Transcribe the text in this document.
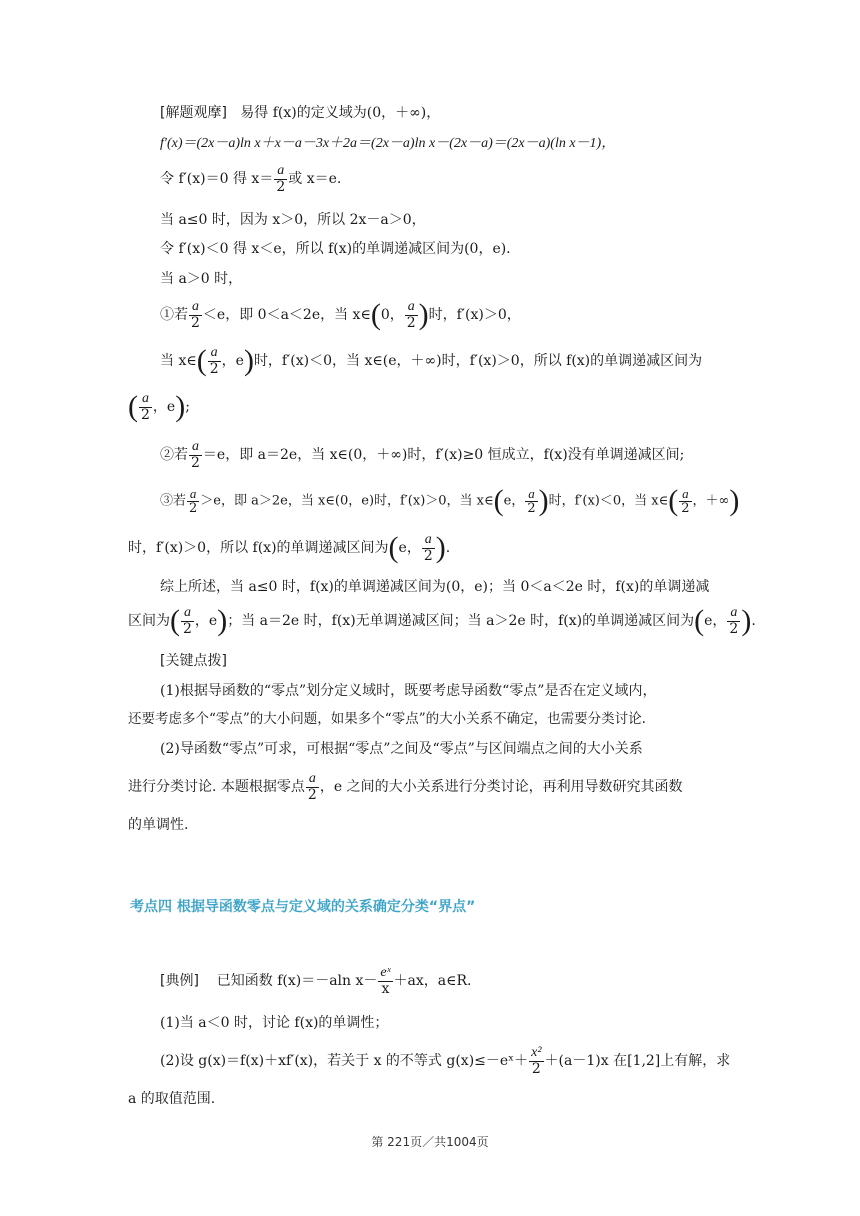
[解题观摩] 易得 f(x)的定义域为(0，＋∞)，
f′(x)＝(2x－a)ln x＋x－a－3x＋2a＝(2x－a)ln x－(2x－a)＝(2x－a)(ln x－1)，
令 f′(x)＝0 得 $x= \frac{a}{2}$ 或 x＝e.
当 a≤0 时，因为 x＞0，所以 2x－a＞0，
令 f′(x)＜0 得 x＜e，所以 f(x)的单调递减区间为(0，e).
当 a＞0 时，
①若 $\frac{a}{2} <e$，即 0＜a＜2e，当 x∈(0， $\frac{a}{2}$ )时，f′(x)＞0，
当 x∈( $\frac{a}{2}$ ，e)时，f′(x)＜0，当 x∈(e，＋∞)时，f′(x)＞0，所以 f(x)的单调递减区间为
( $\frac{a}{2}$ ，e);
②若 $\frac{a}{2} =e$，即 a＝2e，当 x∈(0，＋∞)时，f′(x)≥0 恒成立，f(x)没有单调递减区间;
③若 $\frac{a}{2} >e$，即 a＞2e，当 x∈(0，e)时，f′(x)＞0，当 x∈(e， $\frac{a}{2}$ )时，f′(x)＜0，当 x∈( $\frac{a}{2}$ ，＋∞)
时，f′(x)＞0，所以 f(x)的单调递减区间为(e， $\frac{a}{2}$ ).
综上所述，当 a≤0 时，f(x)的单调递减区间为(0，e)；当 0＜a＜2e 时，f(x)的单调递减
区间为( $\frac{a}{2}$ ，e)；当 a＝2e 时，f(x)无单调递减区间；当 a＞2e 时，f(x)的单调递减区间为(e， $\frac{a}{2}$ ).
[关键点拨]
(1)根据导函数的“零点”划分定义域时，既要考虑导函数“零点”是否在定义域内，
还要考虑多个“零点”的大小问题，如果多个“零点”的大小关系不确定，也需要分类讨论.
(2)导函数“零点”可求，可根据“零点”之间及“零点”与区间端点之间的大小关系
进行分类讨论. 本题根据零点 $\frac{a}{2}$ ，e 之间的大小关系进行分类讨论，再利用导数研究其函数
的单调性.
考点四 根据导函数零点与定义域的关系确定分类“界点”
[典例] 已知函数 f(x)＝－aln $x- \frac{\text{eˣ}}{x} +ax$，a∈R.
(1)当 a＜0 时，讨论 f(x)的单调性；
(2)设 g(x)＝f(x)＋xf′(x)，若关于 x 的不等式 g(x)≤－eˣ＋ $\frac{\text{x²}}{2} +(a-1)x$ 在[1,2]上有解，求
a 的取值范围.
第 221页／共1004页
